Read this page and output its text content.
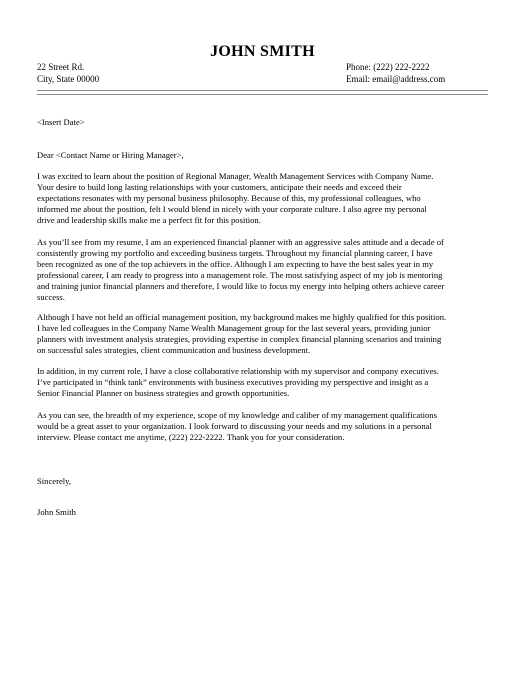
JOHN SMITH
22 Street Rd.
City, State 00000
Phone: (222) 222-2222
Email: email@address.com
<Insert Date>
Dear <Contact Name or Hiring Manager>,
I was excited to learn about the position of Regional Manager, Wealth Management Services with Company Name.
Your desire to build long lasting relationships with your customers, anticipate their needs and exceed their
expectations resonates with my personal business philosophy. Because of this, my professional colleagues, who
informed me about the position, felt I would blend in nicely with your corporate culture. I also agree my personal
drive and leadership skills make me a perfect fit for this position.
As you’ll see from my resume, I am an experienced financial planner with an aggressive sales attitude and a decade of
consistently growing my portfolio and exceeding business targets. Throughout my financial planning career, I have
been recognized as one of the top achievers in the office. Although I am expecting to have the best sales year in my
professional career, I am ready to progress into a management role. The most satisfying aspect of my job is mentoring
and training junior financial planners and therefore, I would like to focus my energy into helping others achieve career
success.
Although I have not held an official management position, my background makes me highly qualified for this position.
I have led colleagues in the Company Name Wealth Management group for the last several years, providing junior
planners with investment analysis strategies, providing expertise in complex financial planning scenarios and training
on successful sales strategies, client communication and business development.
In addition, in my current role, I have a close collaborative relationship with my supervisor and company executives.
I’ve participated in “think tank” environments with business executives providing my perspective and insight as a
Senior Financial Planner on business strategies and growth opportunities.
As you can see, the breadth of my experience, scope of my knowledge and caliber of my management qualifications
would be a great asset to your organization. I look forward to discussing your needs and my solutions in a personal
interview. Please contact me anytime, (222) 222-2222. Thank you for your consideration.
Sincerely,
John Smith
